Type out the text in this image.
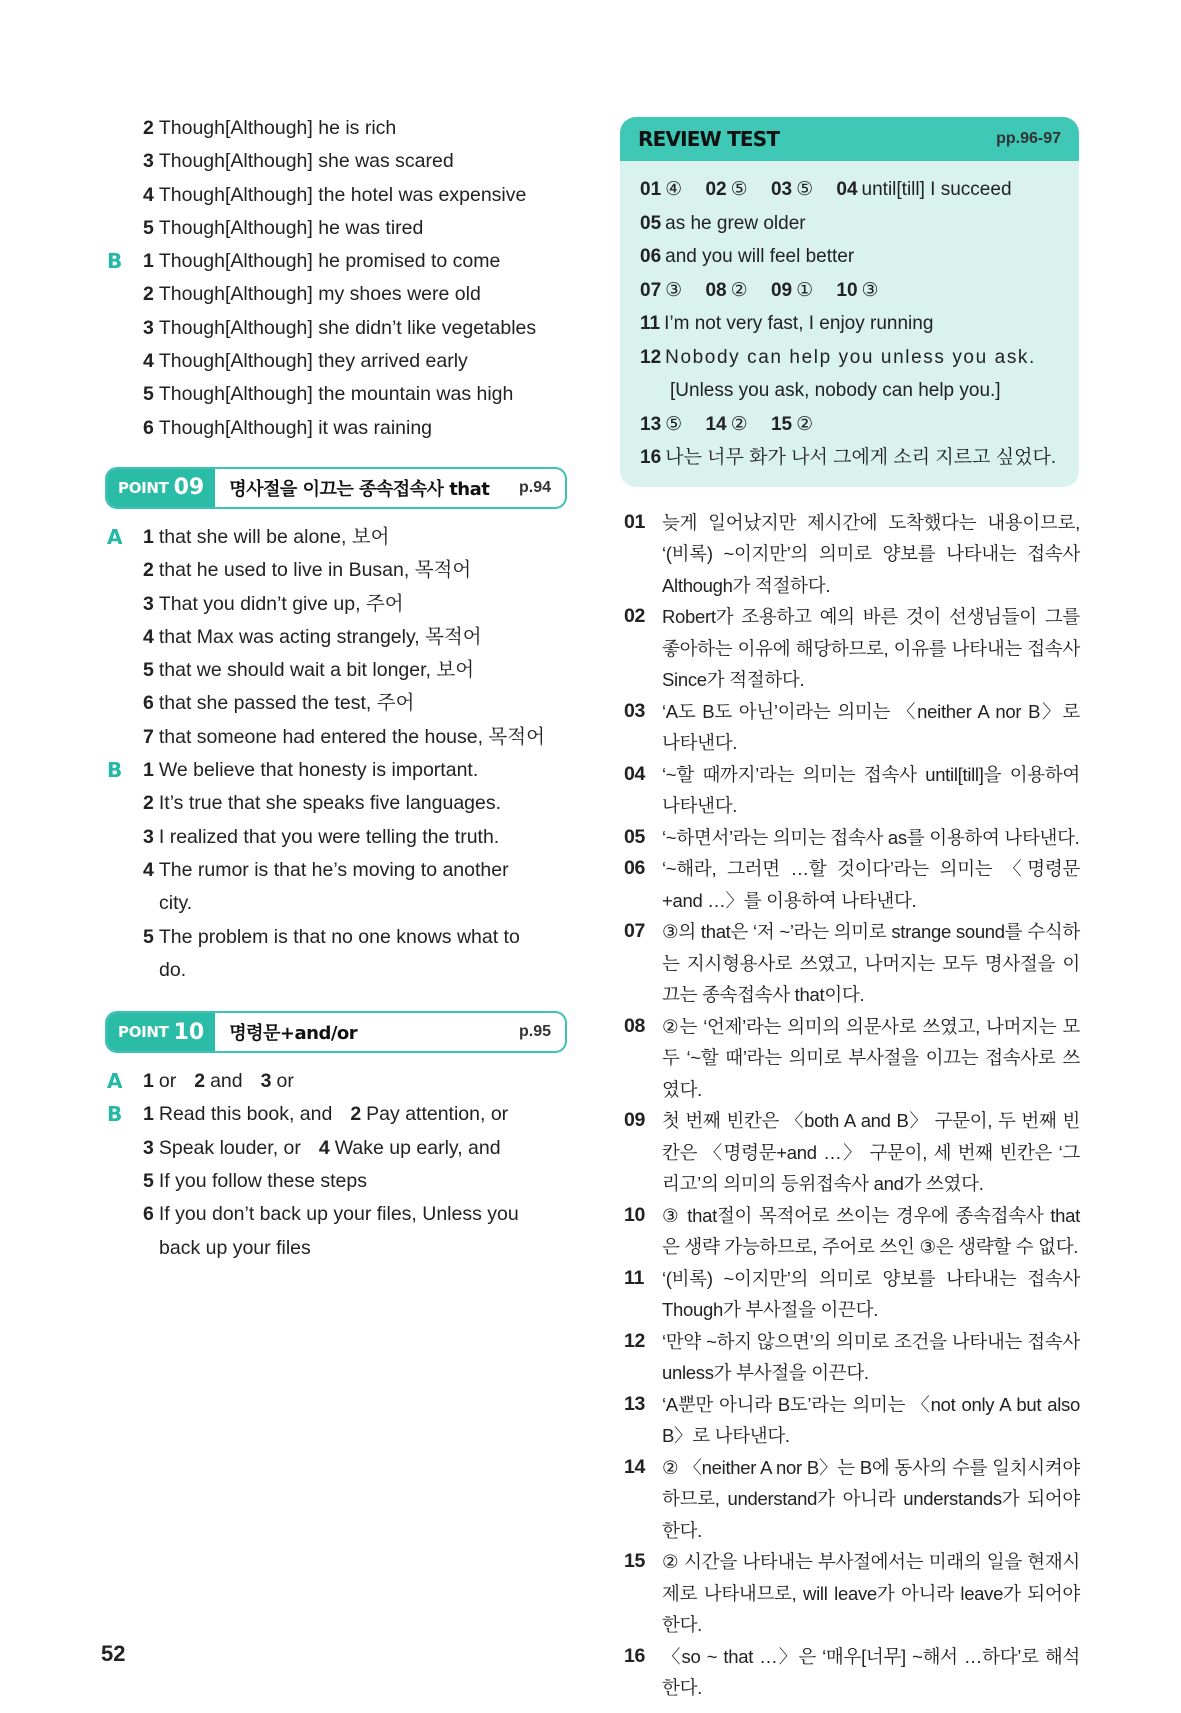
2 Though[Although] he is rich
3 Though[Although] she was scared
4 Though[Although] the hotel was expensive
5 Though[Although] he was tired
B 1 Though[Although] he promised to come
2 Though[Although] my shoes were old
3 Though[Although] she didn’t like vegetables
4 Though[Although] they arrived early
5 Though[Although] the mountain was high
6 Though[Although] it was raining
POINT 09	명사절을 이끄는 종속접속사 that	p.94
A 1 that she will be alone, 보어
2 that he used to live in Busan, 목적어
3 That you didn’t give up, 주어
4 that Max was acting strangely, 목적어
5 that we should wait a bit longer, 보어
6 that she passed the test, 주어
7 that someone had entered the house, 목적어
B 1 We believe that honesty is important.
2 It’s true that she speaks five languages.
3 I realized that you were telling the truth.
4 The rumor is that he’s moving to another
city.
5 The problem is that no one knows what to
do.
POINT 10	명령문+and/or	p.95
A 1 or 2 and 3 or
B 1 Read this book, and 2 Pay attention, or
3 Speak louder, or 4 Wake up early, and
5 If you follow these steps
6 If you don’t back up your files, Unless you
back up your files
REVIEW TEST	pp.96-97
01 ④ 02 ⑤ 03 ⑤ 04 until[till] I succeed
05 as he grew older
06 and you will feel better
07 ③ 08 ② 09 ① 10 ③
11 I’m not very fast, I enjoy running
12 Nobody can help you unless you ask.
[Unless you ask, nobody can help you.]
13 ⑤ 14 ② 15 ②
16 나는 너무 화가 나서 그에게 소리 지르고 싶었다.
01 늦게 일어났지만 제시간에 도착했다는 내용이므로, ‘(비록) ~이지만’의 의미로 양보를 나타내는 접속사 Although가 적절하다.
02 Robert가 조용하고 예의 바른 것이 선생님들이 그를 좋아하는 이유에 해당하므로, 이유를 나타내는 접속사 Since가 적절하다.
03 ‘A도 B도 아닌’이라는 의미는 〈neither A nor B〉로 나타낸다.
04 ‘~할 때까지’라는 의미는 접속사 until[till]을 이용하여 나타낸다.
05 ‘~하면서’라는 의미는 접속사 as를 이용하여 나타낸다.
06 ‘~해라, 그러면 …할 것이다’라는 의미는 〈명령문+and …〉를 이용하여 나타낸다.
07 ③의 that은 ‘저 ~’라는 의미로 strange sound를 수식하는 지시형용사로 쓰였고, 나머지는 모두 명사절을 이끄는 종속접속사 that이다.
08 ②는 ‘언제’라는 의미의 의문사로 쓰였고, 나머지는 모두 ‘~할 때’라는 의미로 부사절을 이끄는 접속사로 쓰였다.
09 첫 번째 빈칸은 〈both A and B〉 구문이, 두 번째 빈칸은 〈명령문+and …〉 구문이, 세 번째 빈칸은 ‘그리고’의 의미의 등위접속사 and가 쓰였다.
10 ③ that절이 목적어로 쓰이는 경우에 종속접속사 that은 생략 가능하므로, 주어로 쓰인 ③은 생략할 수 없다.
11 ‘(비록) ~이지만’의 의미로 양보를 나타내는 접속사 Though가 부사절을 이끈다.
12 ‘만약 ~하지 않으면’의 의미로 조건을 나타내는 접속사 unless가 부사절을 이끈다.
13 ‘A뿐만 아니라 B도’라는 의미는 〈not only A but also B〉로 나타낸다.
14 ② 〈neither A nor B〉는 B에 동사의 수를 일치시켜야 하므로, understand가 아니라 understands가 되어야 한다.
15 ② 시간을 나타내는 부사절에서는 미래의 일을 현재시제로 나타내므로, will leave가 아니라 leave가 되어야 한다.
16 〈so ~ that …〉은 ‘매우[너무] ~해서 …하다’로 해석한다.
52
